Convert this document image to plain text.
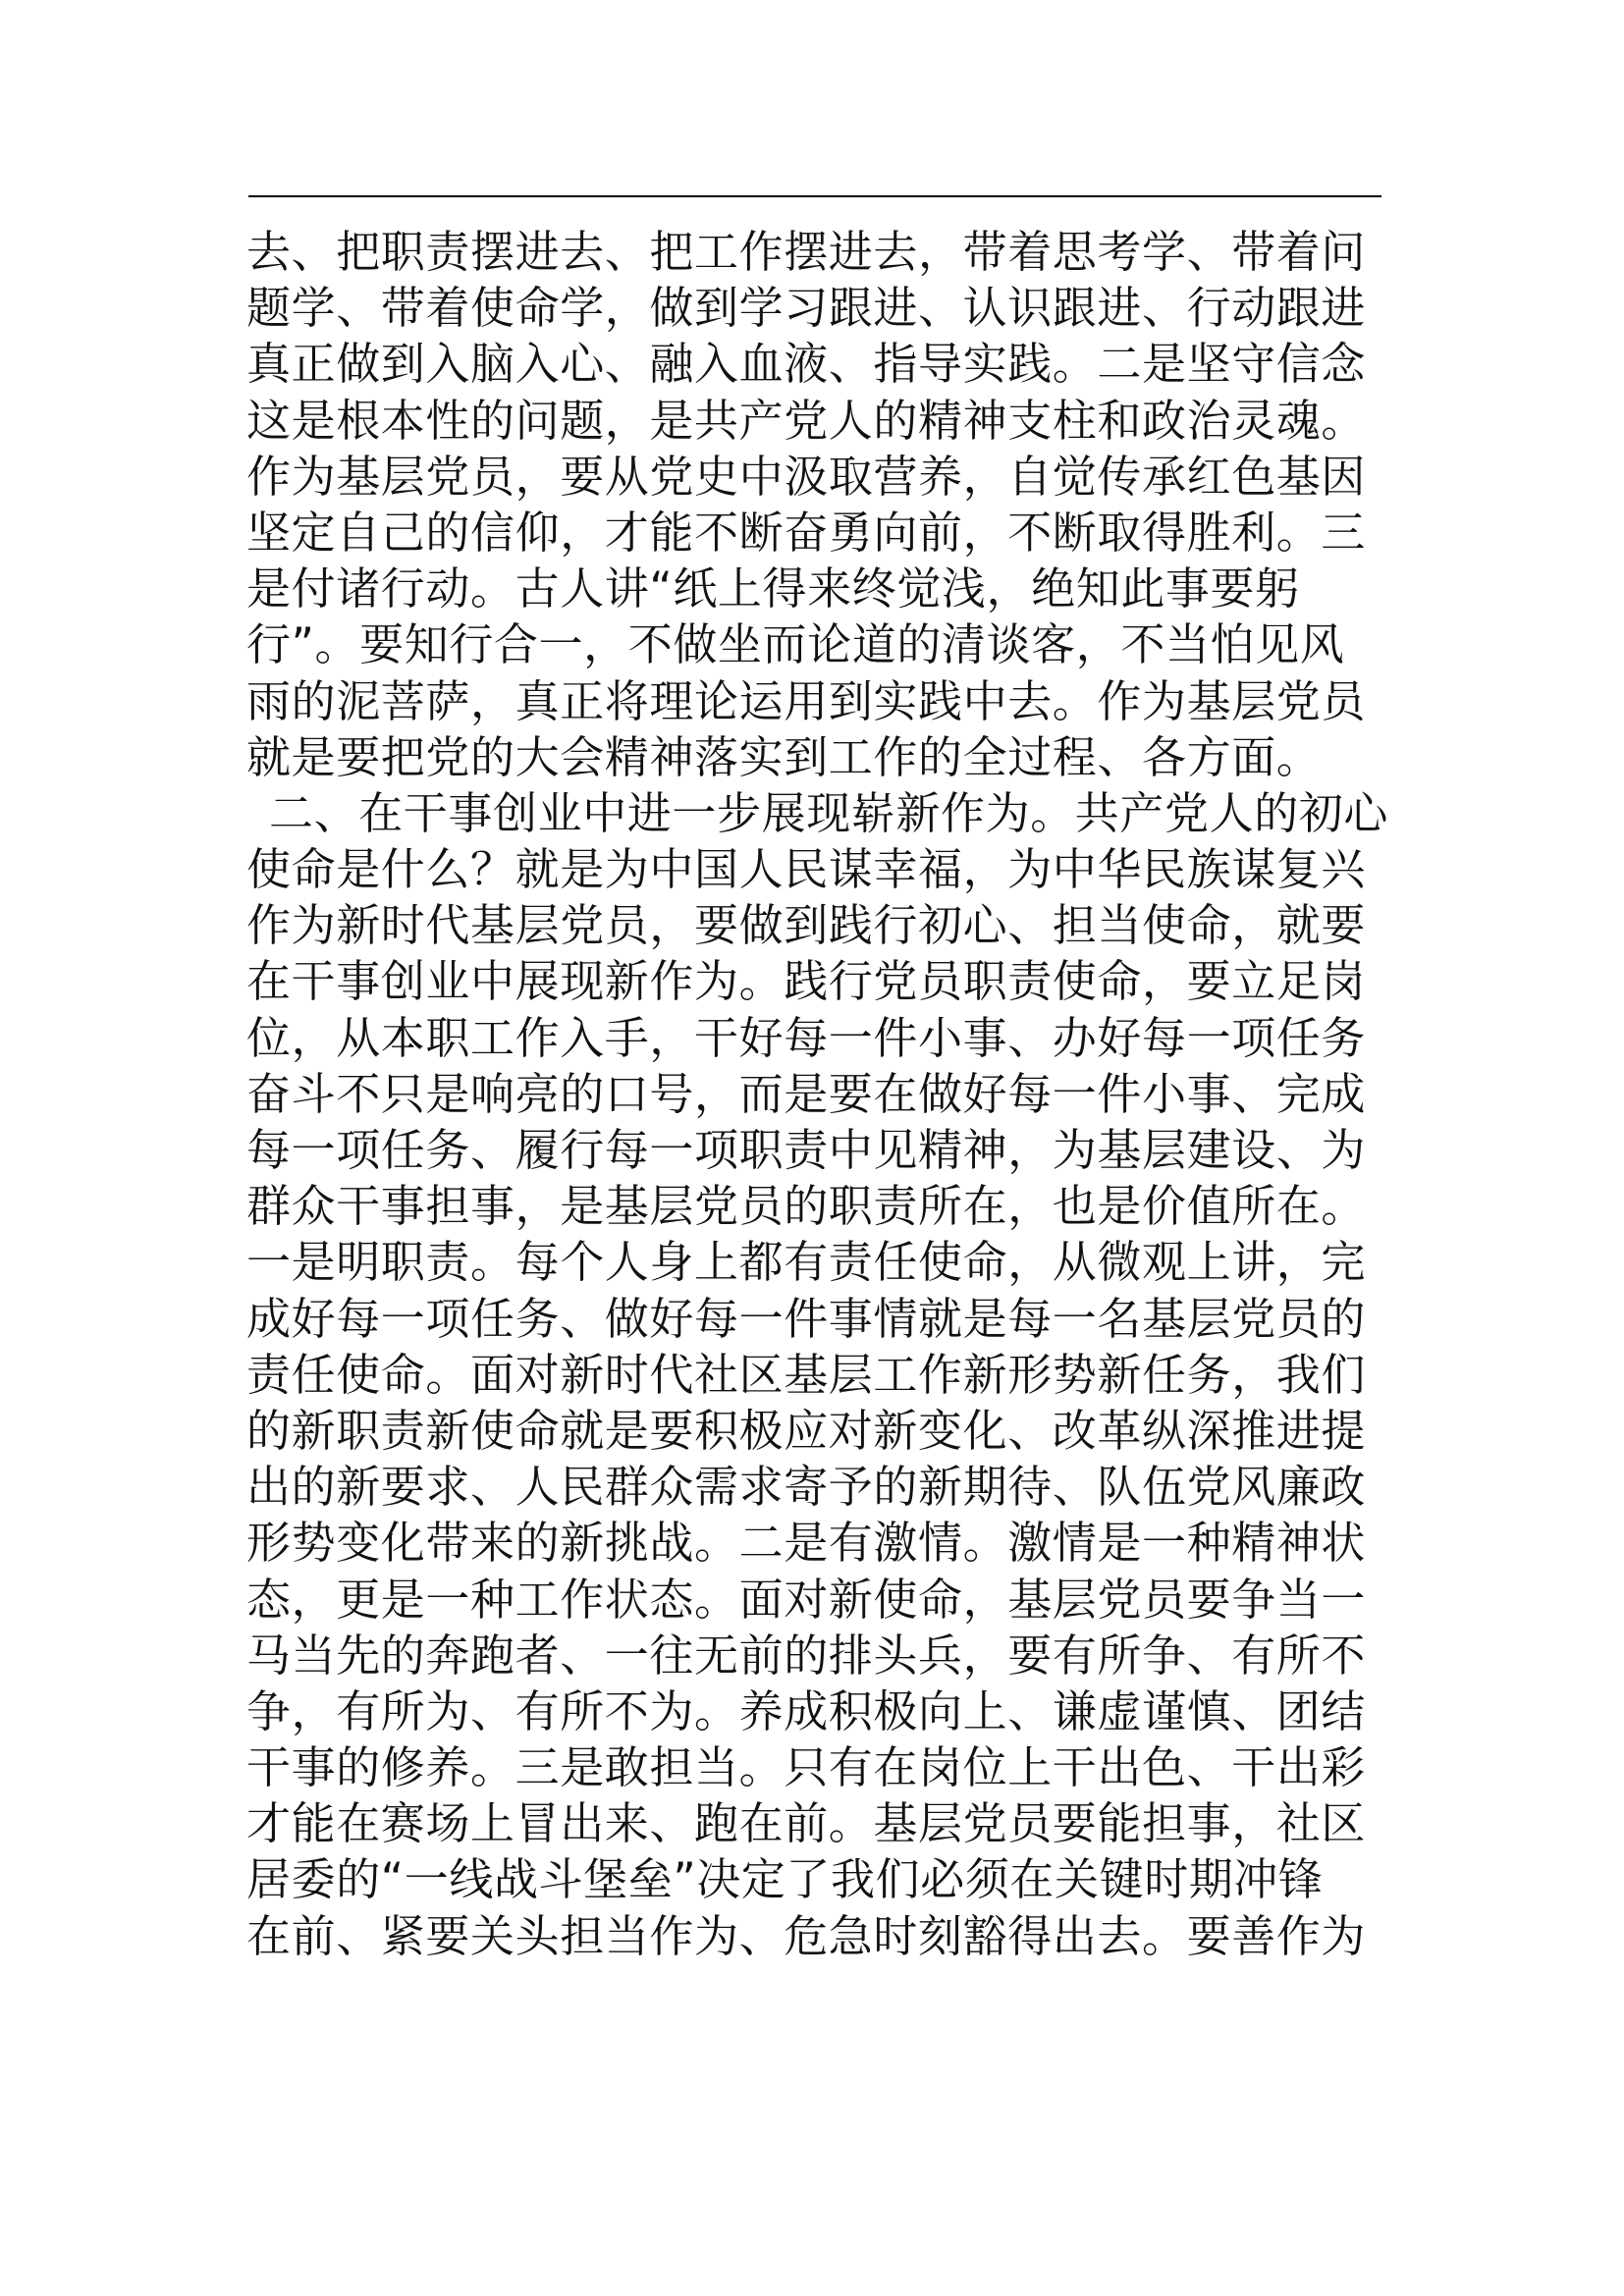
去、把职责摆进去、把工作摆进去，带着思考学、带着问
题学、带着使命学，做到学习跟进、认识跟进、行动跟进
真正做到入脑入心、融入血液、指导实践。二是坚守信念
这是根本性的问题，是共产党人的精神支柱和政治灵魂。
作为基层党员，要从党史中汲取营养，自觉传承红色基因
坚定自己的信仰，才能不断奋勇向前，不断取得胜利。三
是付诸行动。古人讲“纸上得来终觉浅，绝知此事要躬
行”。要知行合一，不做坐而论道的清谈客，不当怕见风
雨的泥菩萨，真正将理论运用到实践中去。作为基层党员
就是要把党的大会精神落实到工作的全过程、各方面。
二、在干事创业中进一步展现崭新作为。共产党人的初心
使命是什么？就是为中国人民谋幸福，为中华民族谋复兴
作为新时代基层党员，要做到践行初心、担当使命，就要
在干事创业中展现新作为。践行党员职责使命，要立足岗
位，从本职工作入手，干好每一件小事、办好每一项任务
奋斗不只是响亮的口号，而是要在做好每一件小事、完成
每一项任务、履行每一项职责中见精神，为基层建设、为
群众干事担事，是基层党员的职责所在，也是价值所在。
一是明职责。每个人身上都有责任使命，从微观上讲，完
成好每一项任务、做好每一件事情就是每一名基层党员的
责任使命。面对新时代社区基层工作新形势新任务，我们
的新职责新使命就是要积极应对新变化、改革纵深推进提
出的新要求、人民群众需求寄予的新期待、队伍党风廉政
形势变化带来的新挑战。二是有激情。激情是一种精神状
态，更是一种工作状态。面对新使命，基层党员要争当一
马当先的奔跑者、一往无前的排头兵，要有所争、有所不
争，有所为、有所不为。养成积极向上、谦虚谨慎、团结
干事的修养。三是敢担当。只有在岗位上干出色、干出彩
才能在赛场上冒出来、跑在前。基层党员要能担事，社区
居委的“一线战斗堡垒”决定了我们必须在关键时期冲锋
在前、紧要关头担当作为、危急时刻豁得出去。要善作为
